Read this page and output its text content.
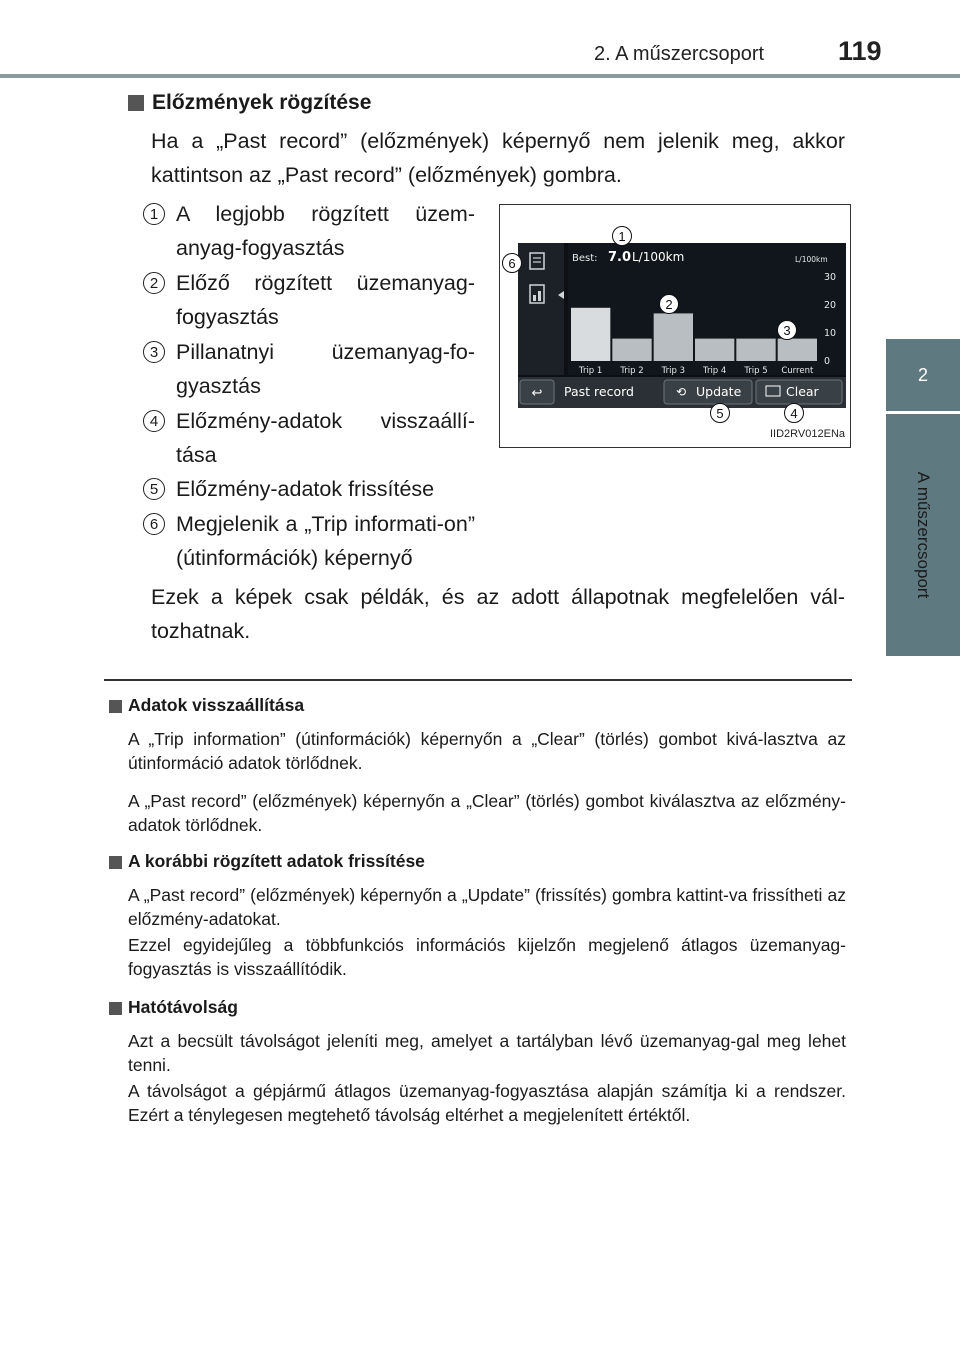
2. A műszercsoport	119
2
A műszercsoport
Előzmények rögzítése
Ha a „Past record” (előzmények) képernyő nem jelenik meg, akkor kattintson az „Past record” (előzmények) gombra.
1 A legjobb rögzített üzem-anyag-fogyasztás
2 Előző rögzített üzemanyag-fogyasztás
3 Pillanatnyi üzemanyag-fo-gyasztás
4 Előzmény-adatok visszaállí-tása
5 Előzmény-adatok frissítése
6 Megjelenik a „Trip informati-on” (útinformációk) képernyő
Ezek a képek csak példák, és az adott állapotnak megfelelően vál-tozhatnak.
Best: 7.0 L/100km	L/100km
Trip 1 Trip 2 Trip 3 Trip 4 Trip 5 Current
30
20
10
0
↩ Past record	⟲ Update	Clear
1
2
3
4
5
6
IID2RV012ENa
Adatok visszaállítása
A „Trip information” (útinformációk) képernyőn a „Clear” (törlés) gombot kivá-lasztva az útinformáció adatok törlődnek.
A „Past record” (előzmények) képernyőn a „Clear” (törlés) gombot kiválasztva az előzmény-adatok törlődnek.
A korábbi rögzített adatok frissítése
A „Past record” (előzmények) képernyőn a „Update” (frissítés) gombra kattint-va frissítheti az előzmény-adatokat.
Ezzel egyidejűleg a többfunkciós információs kijelzőn megjelenő átlagos üzemanyag-fogyasztás is visszaállítódik.
Hatótávolság
Azt a becsült távolságot jeleníti meg, amelyet a tartályban lévő üzemanyag-gal meg lehet tenni.
A távolságot a gépjármű átlagos üzemanyag-fogyasztása alapján számítja ki a rendszer. Ezért a ténylegesen megtehető távolság eltérhet a megjelenített értéktől.
